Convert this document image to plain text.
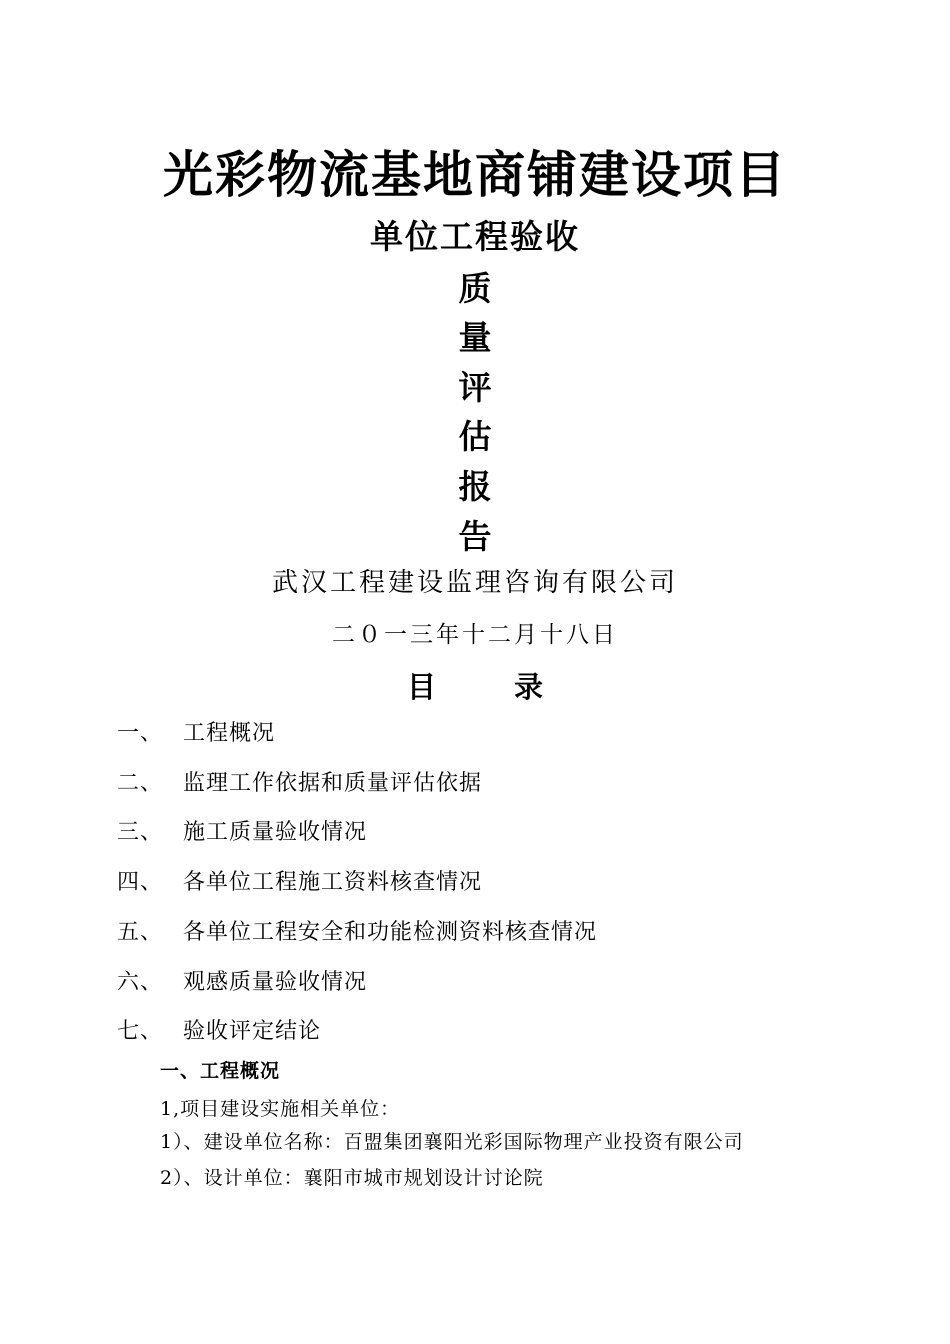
光彩物流基地商铺建设项目
单位工程验收
质
量
评
估
报
告
武汉工程建设监理咨询有限公司
二０一三年十二月十八日
目	录
一、 工程概况
二、 监理工作依据和质量评估依据
三、 施工质量验收情况
四、 各单位工程施工资料核查情况
五、 各单位工程安全和功能检测资料核查情况
六、 观感质量验收情况
七、 验收评定结论
一、工程概况
1,项目建设实施相关单位：
1）、建设单位名称：百盟集团襄阳光彩国际物理产业投资有限公司
2）、设计单位：襄阳市城市规划设计讨论院
